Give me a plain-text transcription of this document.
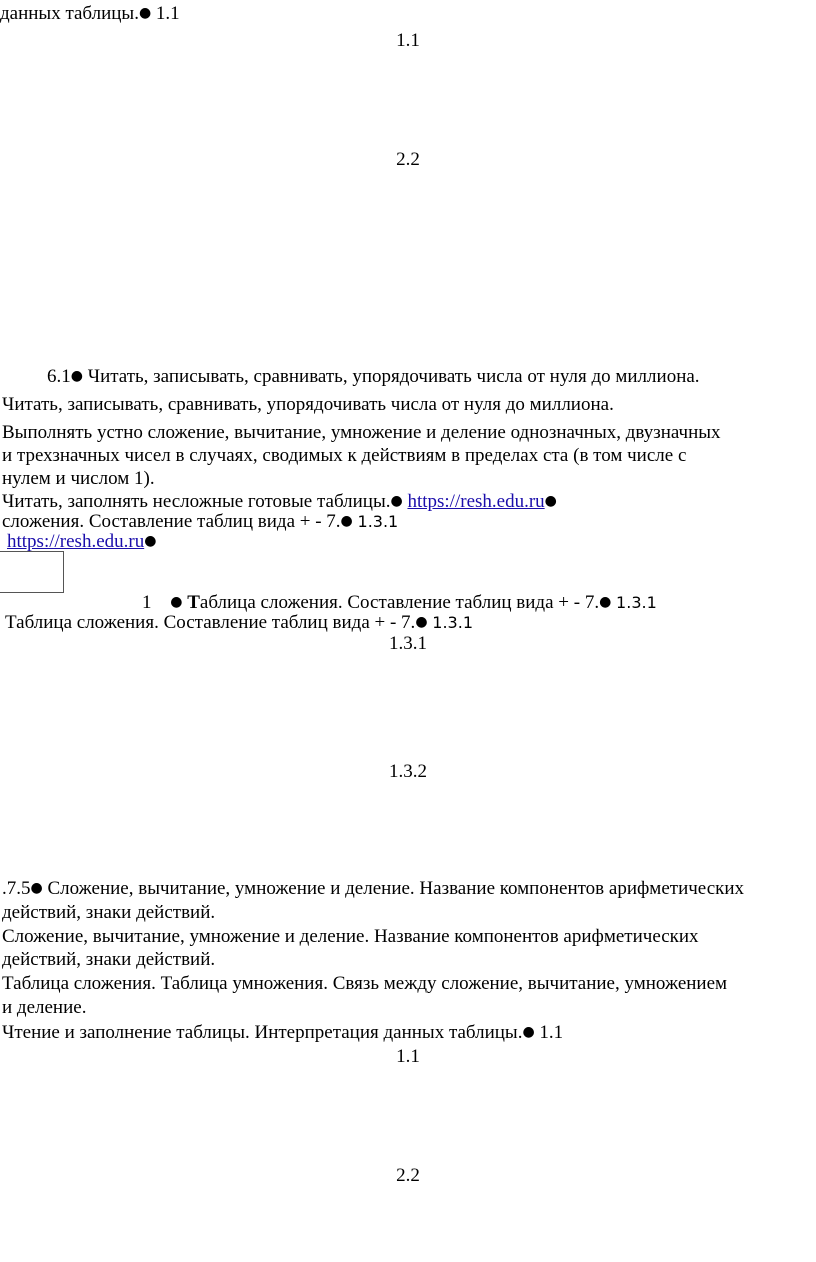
данных таблицы.● 1.1
1.1
2.2
6.1● Читать, записывать, сравнивать, упорядочивать числа от нуля до миллиона.
Читать, записывать, сравнивать, упорядочивать числа от нуля до миллиона.
Выполнять устно сложение, вычитание, умножение и деление однозначных, двузначных
и трехзначных чисел в случаях, сводимых к действиям в пределах ста (в том числе с
нулем и числом 1).
Читать, заполнять несложные готовые таблицы.● https://resh.edu.ru●
сложения. Составление таблиц вида + - 7.● 1.3.1
https://resh.edu.ru●
1 ● Таблица сложения. Составление таблиц вида + - 7.● 1.3.1
Таблица сложения. Составление таблиц вида + - 7.● 1.3.1
1.3.1
1.3.2
.7.5● Сложение, вычитание, умножение и деление. Название компонентов арифметических
действий, знаки действий.
Сложение, вычитание, умножение и деление. Название компонентов арифметических
действий, знаки действий.
Таблица сложения. Таблица умножения. Связь между сложение, вычитание, умножением
и деление.
Чтение и заполнение таблицы. Интерпретация данных таблицы.● 1.1
1.1
2.2
